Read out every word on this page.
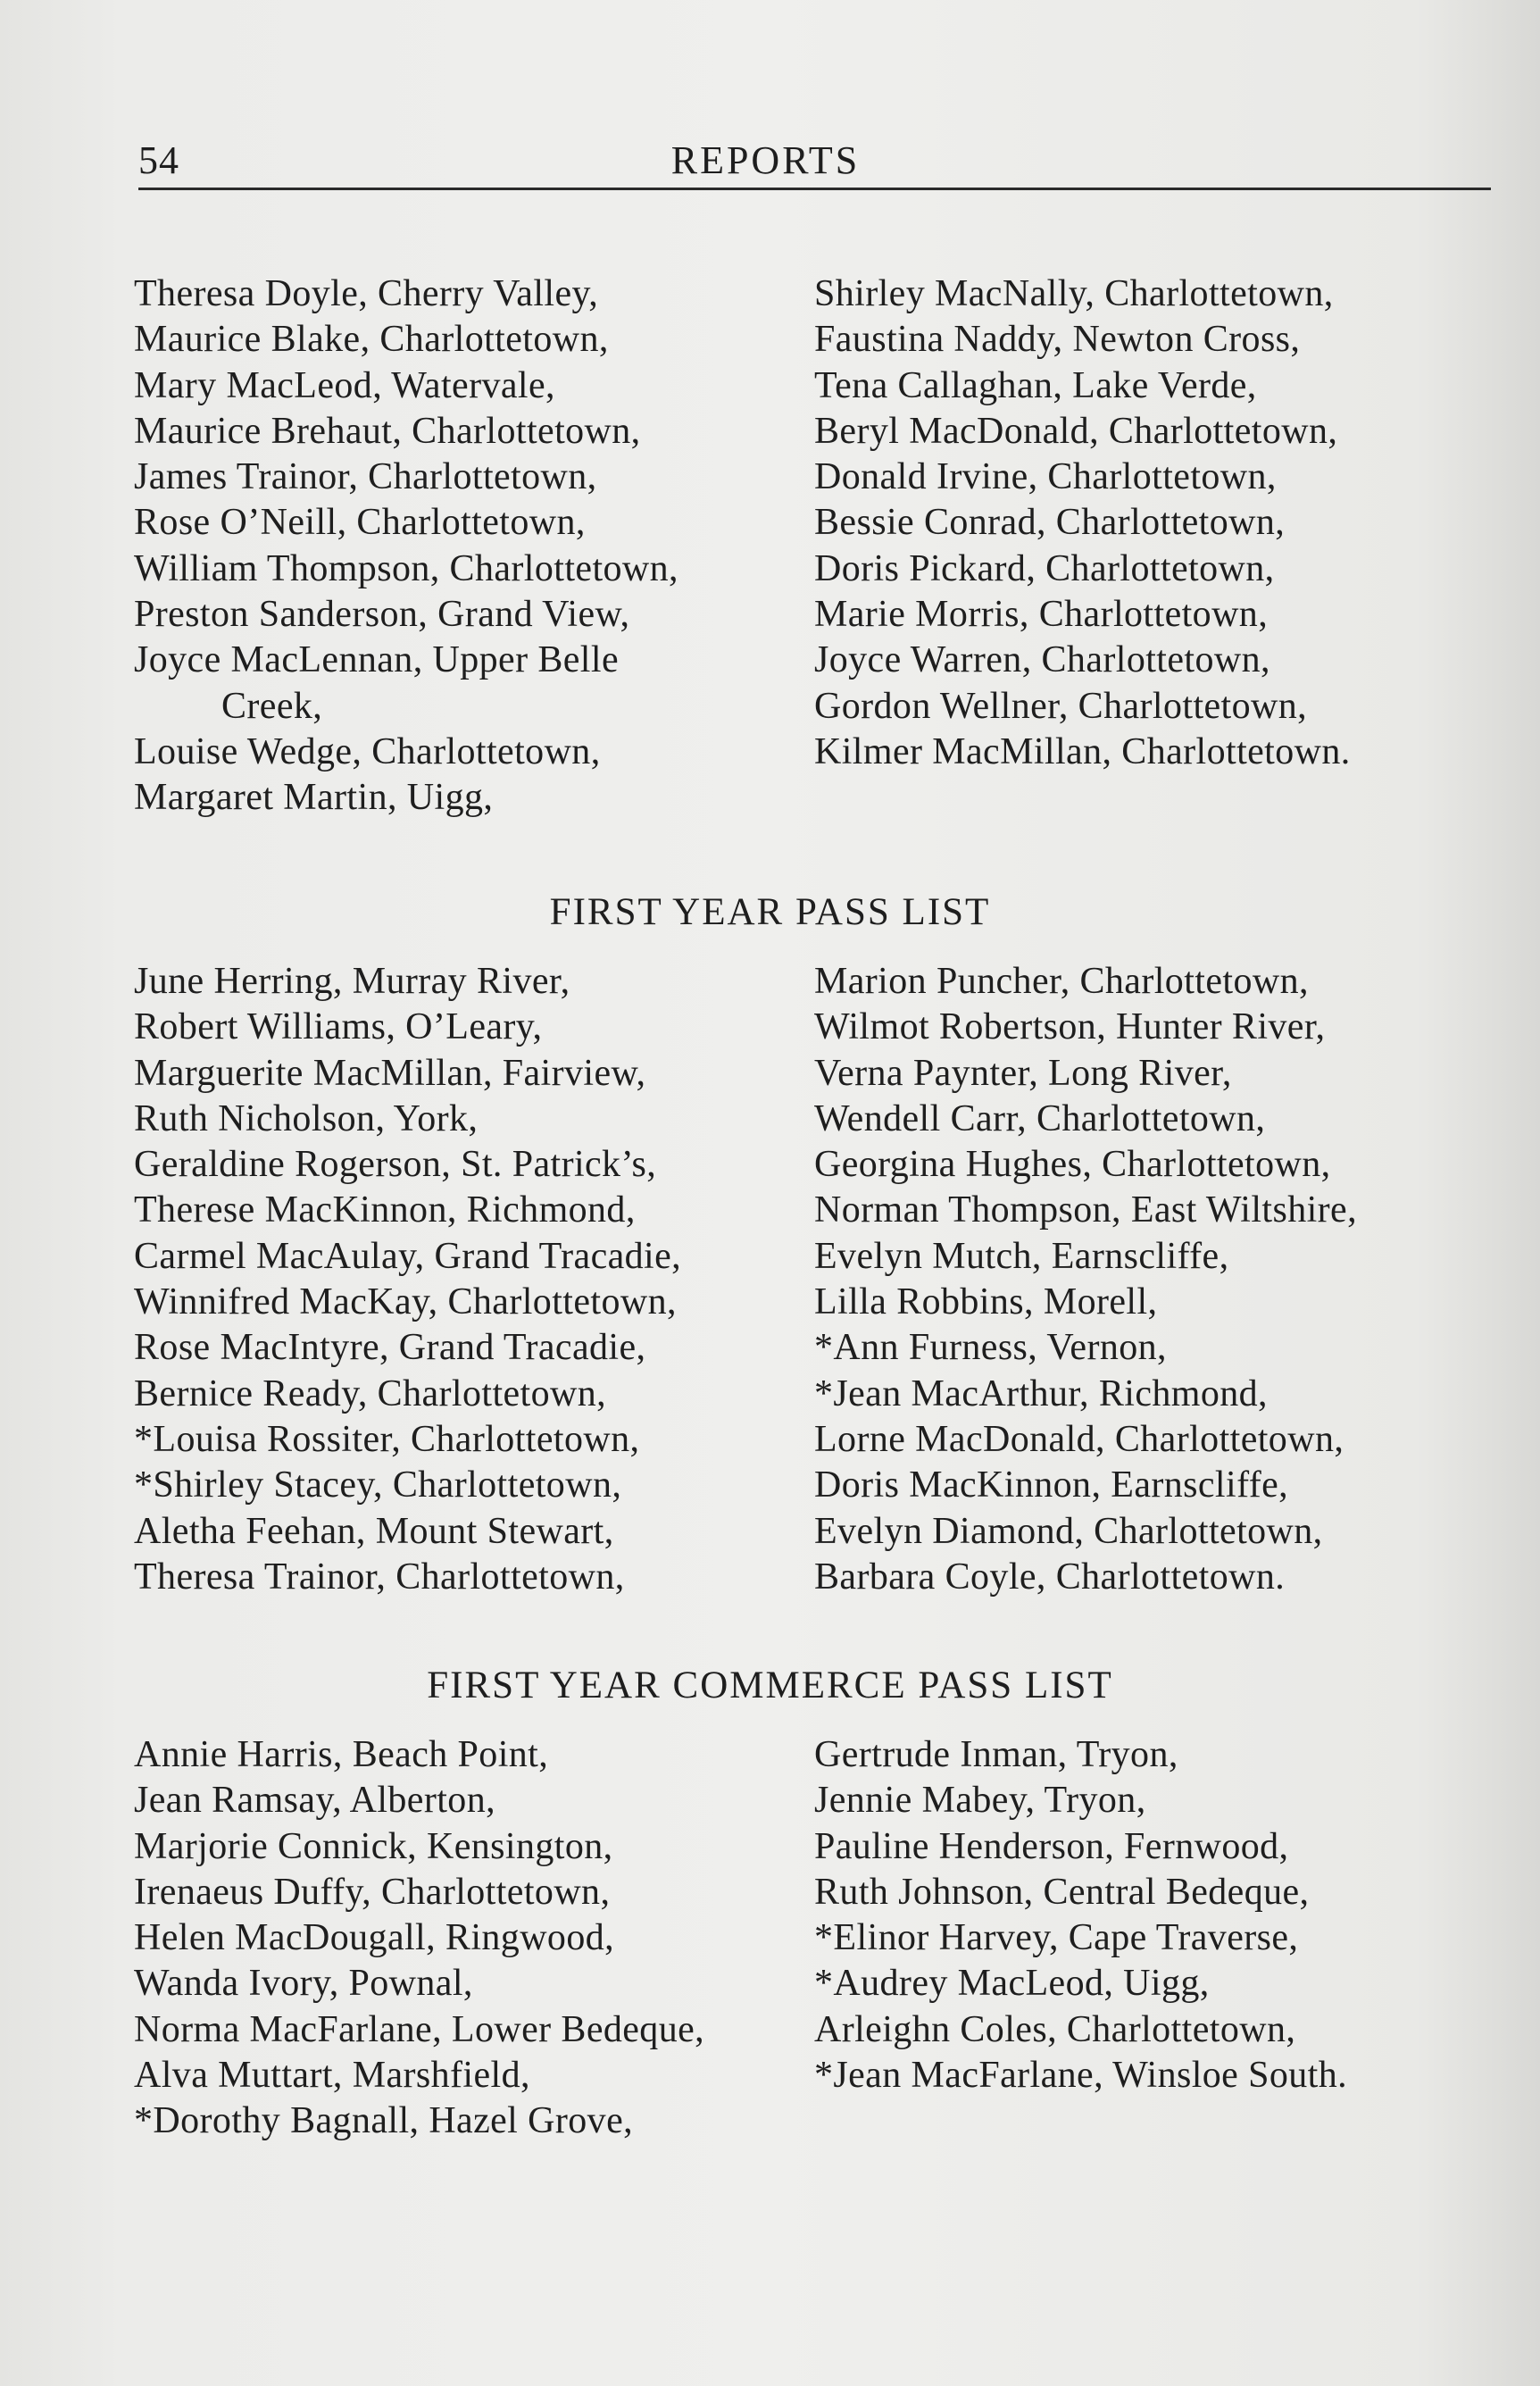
54	REPORTS
Theresa Doyle, Cherry Valley,
Maurice Blake, Charlottetown,
Mary MacLeod, Watervale,
Maurice Brehaut, Charlottetown,
James Trainor, Charlottetown,
Rose O’Neill, Charlottetown,
William Thompson, Charlottetown,
Preston Sanderson, Grand View,
Joyce MacLennan, Upper Belle
Creek,
Louise Wedge, Charlottetown,
Margaret Martin, Uigg,
Shirley MacNally, Charlottetown,
Faustina Naddy, Newton Cross,
Tena Callaghan, Lake Verde,
Beryl MacDonald, Charlottetown,
Donald Irvine, Charlottetown,
Bessie Conrad, Charlottetown,
Doris Pickard, Charlottetown,
Marie Morris, Charlottetown,
Joyce Warren, Charlottetown,
Gordon Wellner, Charlottetown,
Kilmer MacMillan, Charlottetown.
FIRST YEAR PASS LIST
June Herring, Murray River,
Robert Williams, O’Leary,
Marguerite MacMillan, Fairview,
Ruth Nicholson, York,
Geraldine Rogerson, St. Patrick’s,
Therese MacKinnon, Richmond,
Carmel MacAulay, Grand Tracadie,
Winnifred MacKay, Charlottetown,
Rose MacIntyre, Grand Tracadie,
Bernice Ready, Charlottetown,
*Louisa Rossiter, Charlottetown,
*Shirley Stacey, Charlottetown,
Aletha Feehan, Mount Stewart,
Theresa Trainor, Charlottetown,
Marion Puncher, Charlottetown,
Wilmot Robertson, Hunter River,
Verna Paynter, Long River,
Wendell Carr, Charlottetown,
Georgina Hughes, Charlottetown,
Norman Thompson, East Wiltshire,
Evelyn Mutch, Earnscliffe,
Lilla Robbins, Morell,
*Ann Furness, Vernon,
*Jean MacArthur, Richmond,
Lorne MacDonald, Charlottetown,
Doris MacKinnon, Earnscliffe,
Evelyn Diamond, Charlottetown,
Barbara Coyle, Charlottetown.
FIRST YEAR COMMERCE PASS LIST
Annie Harris, Beach Point,
Jean Ramsay, Alberton,
Marjorie Connick, Kensington,
Irenaeus Duffy, Charlottetown,
Helen MacDougall, Ringwood,
Wanda Ivory, Pownal,
Norma MacFarlane, Lower Bedeque,
Alva Muttart, Marshfield,
*Dorothy Bagnall, Hazel Grove,
Gertrude Inman, Tryon,
Jennie Mabey, Tryon,
Pauline Henderson, Fernwood,
Ruth Johnson, Central Bedeque,
*Elinor Harvey, Cape Traverse,
*Audrey MacLeod, Uigg,
Arleighn Coles, Charlottetown,
*Jean MacFarlane, Winsloe South.
